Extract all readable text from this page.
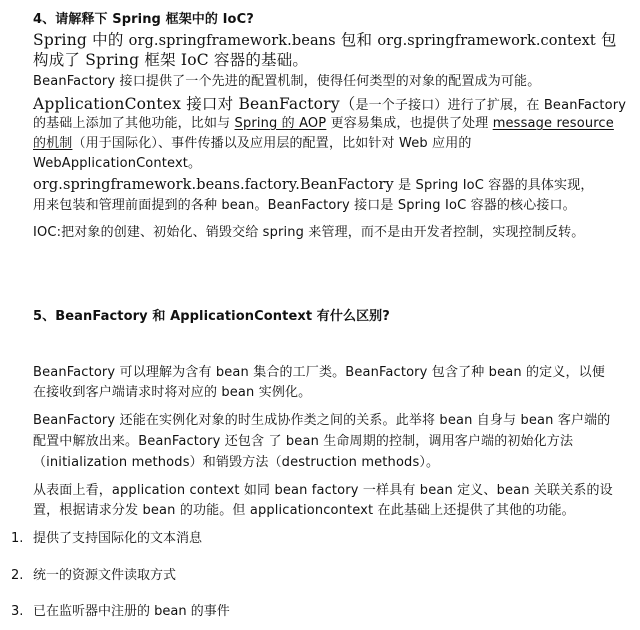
4、请解释下 Spring 框架中的 IoC?
Spring 中的 org.springframework.beans 包和 org.springframework.context 包
构成了 Spring 框架 IoC 容器的基础。
BeanFactory 接口提供了一个先进的配置机制，使得任何类型的对象的配置成为可能。
ApplicationContex 接口对 BeanFactory（是一个子接口）进行了扩展，在 BeanFactory
的基础上添加了其他功能，比如与 Spring 的 AOP 更容易集成，也提供了处理 message resource
的机制（用于国际化）、事件传播以及应用层的配置，比如针对 Web 应用的
WebApplicationContext。
org.springframework.beans.factory.BeanFactory 是 Spring IoC 容器的具体实现，
用来包装和管理前面提到的各种 bean。BeanFactory 接口是 Spring IoC 容器的核心接口。
IOC:把对象的创建、初始化、销毁交给 spring 来管理，而不是由开发者控制，实现控制反转。
5、BeanFactory 和 ApplicationContext 有什么区别?
BeanFactory 可以理解为含有 bean 集合的工厂类。BeanFactory 包含了种 bean 的定义，以便
在接收到客户端请求时将对应的 bean 实例化。
BeanFactory 还能在实例化对象的时生成协作类之间的关系。此举将 bean 自身与 bean 客户端的
配置中解放出来。BeanFactory 还包含 了 bean 生命周期的控制，调用客户端的初始化方法
（initialization methods）和销毁方法（destruction methods）。
从表面上看，application context 如同 bean factory 一样具有 bean 定义、bean 关联关系的设
置，根据请求分发 bean 的功能。但 applicationcontext 在此基础上还提供了其他的功能。
1. 提供了支持国际化的文本消息
2. 统一的资源文件读取方式
3. 已在监听器中注册的 bean 的事件
